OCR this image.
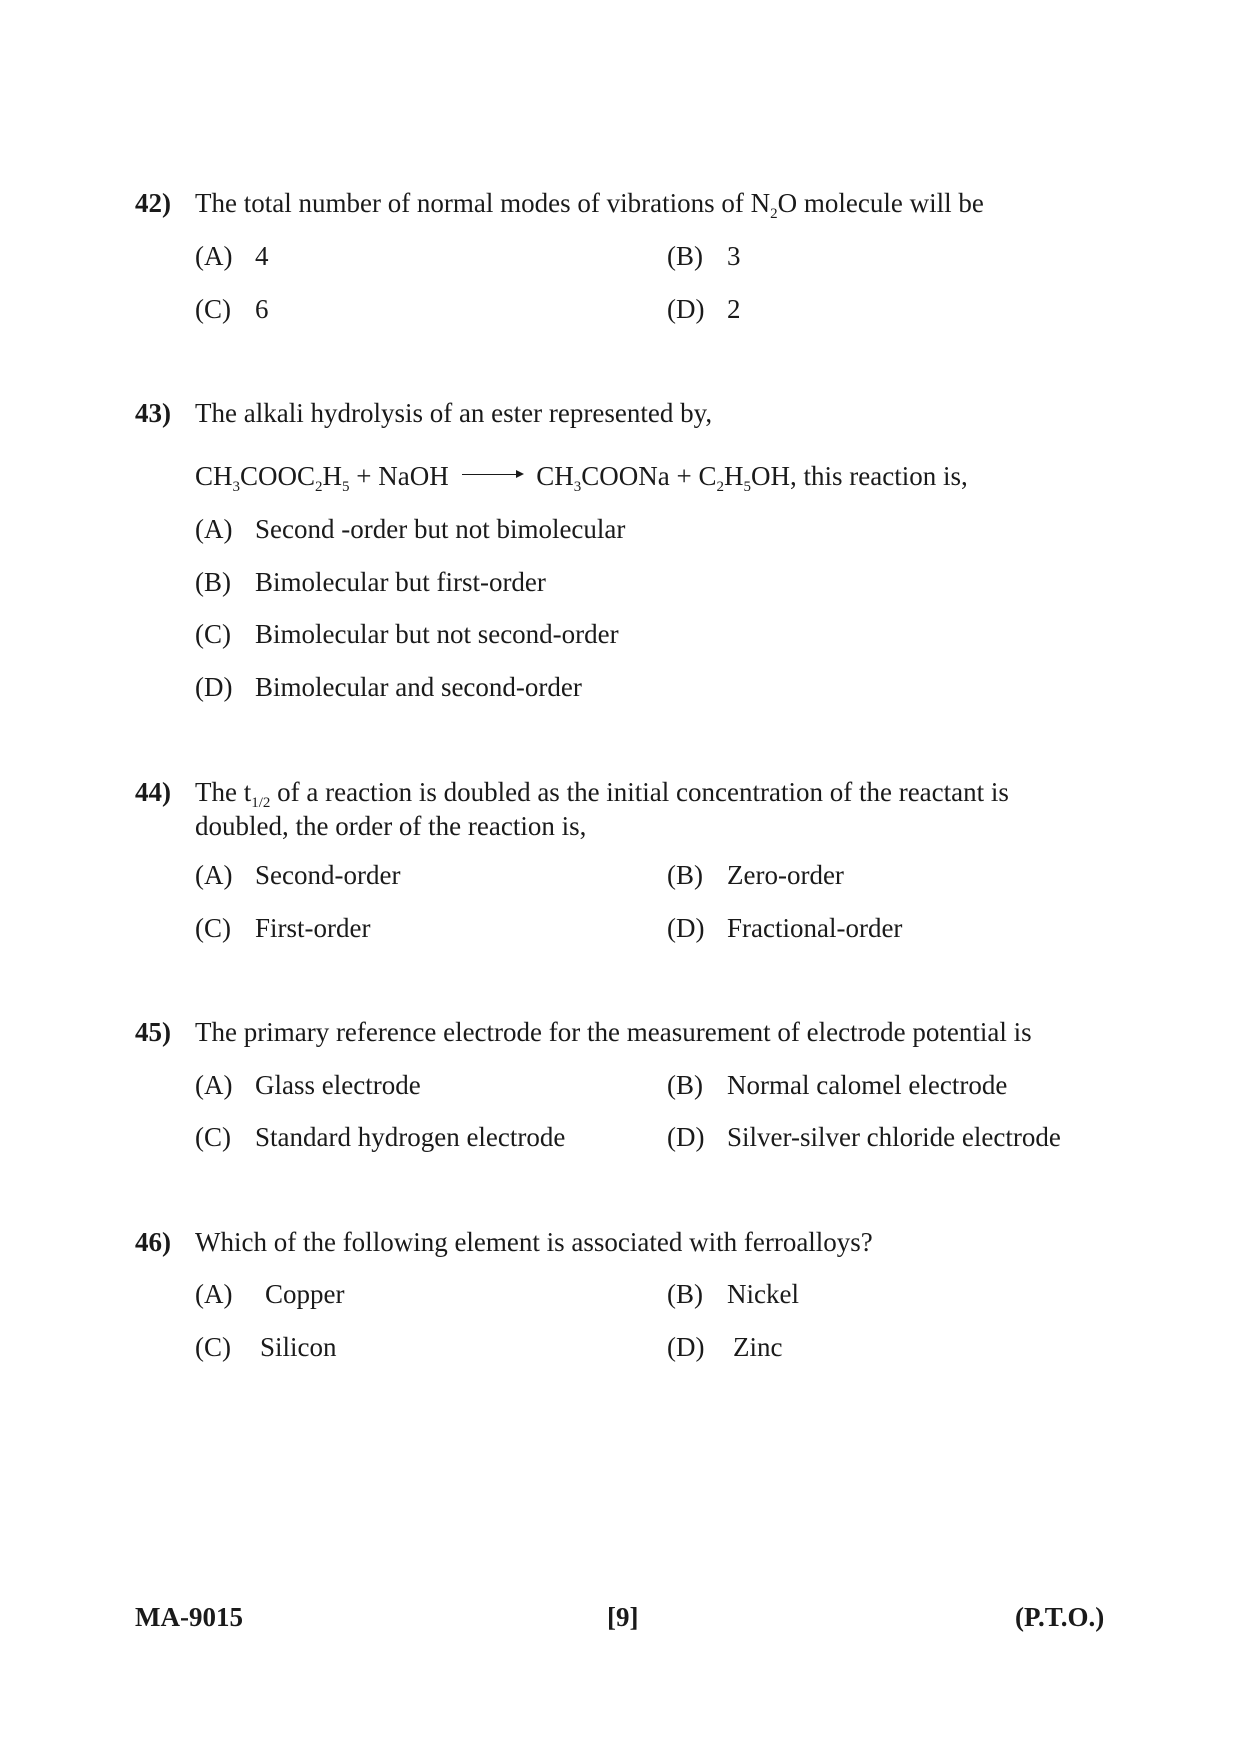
42) The total number of normal modes of vibrations of $N_2O$ molecule will be
(A) 4	(B) 3
(C) 6	(D) 2
43) The alkali hydrolysis of an ester represented by,
$CH_3COOC_2H_5$ + NaOH	$CH_3COONa + C_2H_5OH$, this reaction is,
(A) Second -order but not bimolecular
(B) Bimolecular but first-order
(C) Bimolecular but not second-order
(D) Bimolecular and second-order
44) The $t_{1/2}$ of a reaction is doubled as the initial concentration of the reactant is
doubled, the order of the reaction is,
(A) Second-order	(B) Zero-order
(C) First-order	(D) Fractional-order
45) The primary reference electrode for the measurement of electrode potential is
(A) Glass electrode	(B) Normal calomel electrode
(C) Standard hydrogen electrode	(D) Silver-silver chloride electrode
46) Which of the following element is associated with ferroalloys?
(A) Copper	(B) Nickel
(C) Silicon	(D) Zinc
MA-9015	[9]	(P.T.O.)
